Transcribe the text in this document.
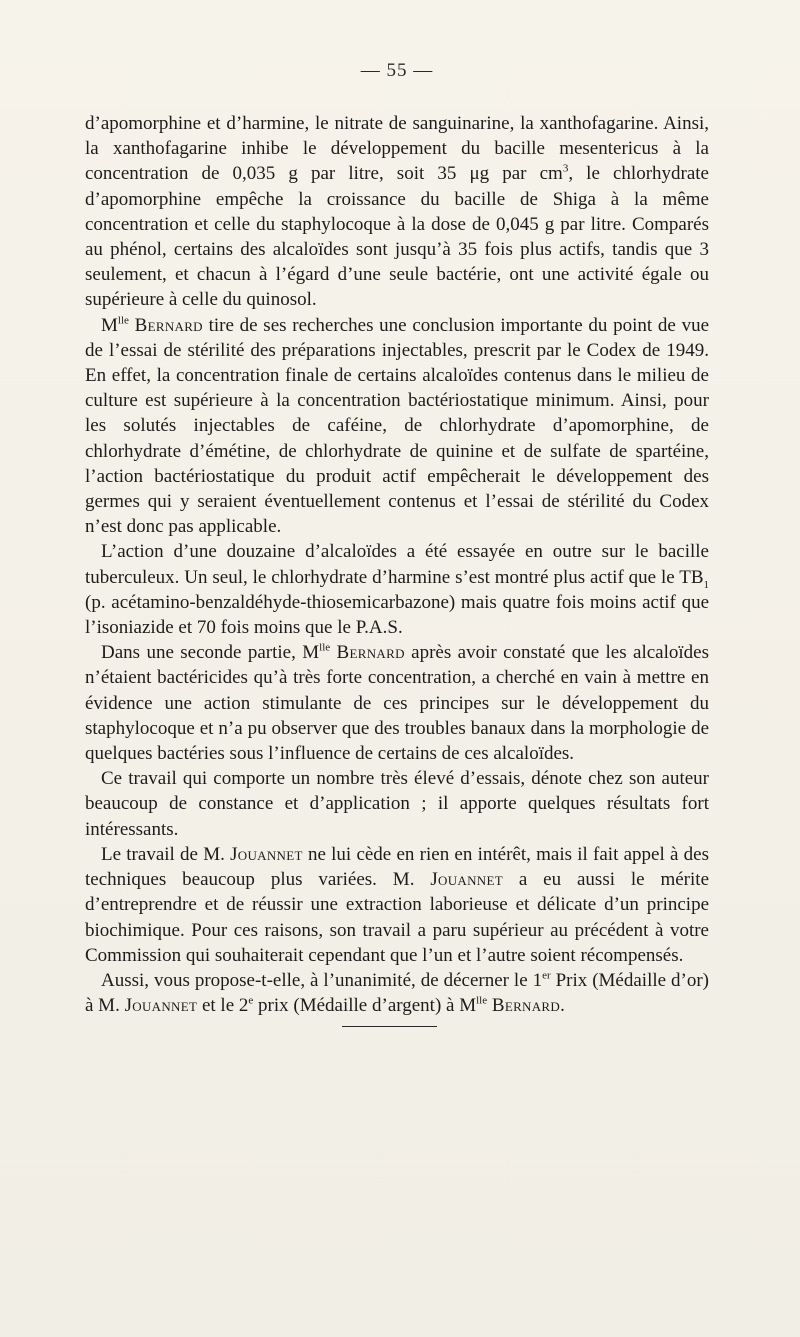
— 55 —

d’apomorphine et d’harmine, le nitrate de sanguinarine, la xanthofagarine. Ainsi, la xanthofagarine inhibe le développement du bacille mesentericus à la concentration de 0,035 g par litre, soit 35 μg par $cm^3$, le chlorhydrate d’apomorphine empêche la croissance du bacille de Shiga à la même concentration et celle du staphylocoque à la dose de 0,045 g par litre. Comparés au phénol, certains des alcaloïdes sont jusqu’à 35 fois plus actifs, tandis que 3 seulement, et chacun à l’égard d’une seule bactérie, ont une activité égale ou supérieure à celle du quinosol.

$M^{lle}$ Bernard tire de ses recherches une conclusion importante du point de vue de l’essai de stérilité des préparations injectables, prescrit par le Codex de 1949. En effet, la concentration finale de certains alcaloïdes contenus dans le milieu de culture est supérieure à la concentration bactériostatique minimum. Ainsi, pour les solutés injectables de caféine, de chlorhydrate d’apomorphine, de chlorhydrate d’émétine, de chlorhydrate de quinine et de sulfate de spartéine, l’action bactériostatique du produit actif empêcherait le développement des germes qui y seraient éventuellement contenus et l’essai de stérilité du Codex n’est donc pas applicable.

L’action d’une douzaine d’alcaloïdes a été essayée en outre sur le bacille tuberculeux. Un seul, le chlorhydrate d’harmine s’est montré plus actif que le $TB_1$ (p. acétamino-benzaldéhyde-thiosemicarbazone) mais quatre fois moins actif que l’isoniazide et 70 fois moins que le P.A.S.

Dans une seconde partie, $M^{lle}$ Bernard après avoir constaté que les alcaloïdes n’étaient bactéricides qu’à très forte concentration, a cherché en vain à mettre en évidence une action stimulante de ces principes sur le développement du staphylocoque et n’a pu observer que des troubles banaux dans la morphologie de quelques bactéries sous l’influence de certains de ces alcaloïdes.

Ce travail qui comporte un nombre très élevé d’essais, dénote chez son auteur beaucoup de constance et d’application ; il apporte quelques résultats fort intéressants.

Le travail de M. Jouannet ne lui cède en rien en intérêt, mais il fait appel à des techniques beaucoup plus variées. M. Jouannet a eu aussi le mérite d’entreprendre et de réussir une extraction laborieuse et délicate d’un principe biochimique. Pour ces raisons, son travail a paru supérieur au précédent à votre Commission qui souhaiterait cependant que l’un et l’autre soient récompensés.

Aussi, vous propose-t-elle, à l’unanimité, de décerner le 1er Prix (Médaille d’or) à M. Jouannet et le 2e prix (Médaille d’argent) à $M^{lle}$ Bernard.
